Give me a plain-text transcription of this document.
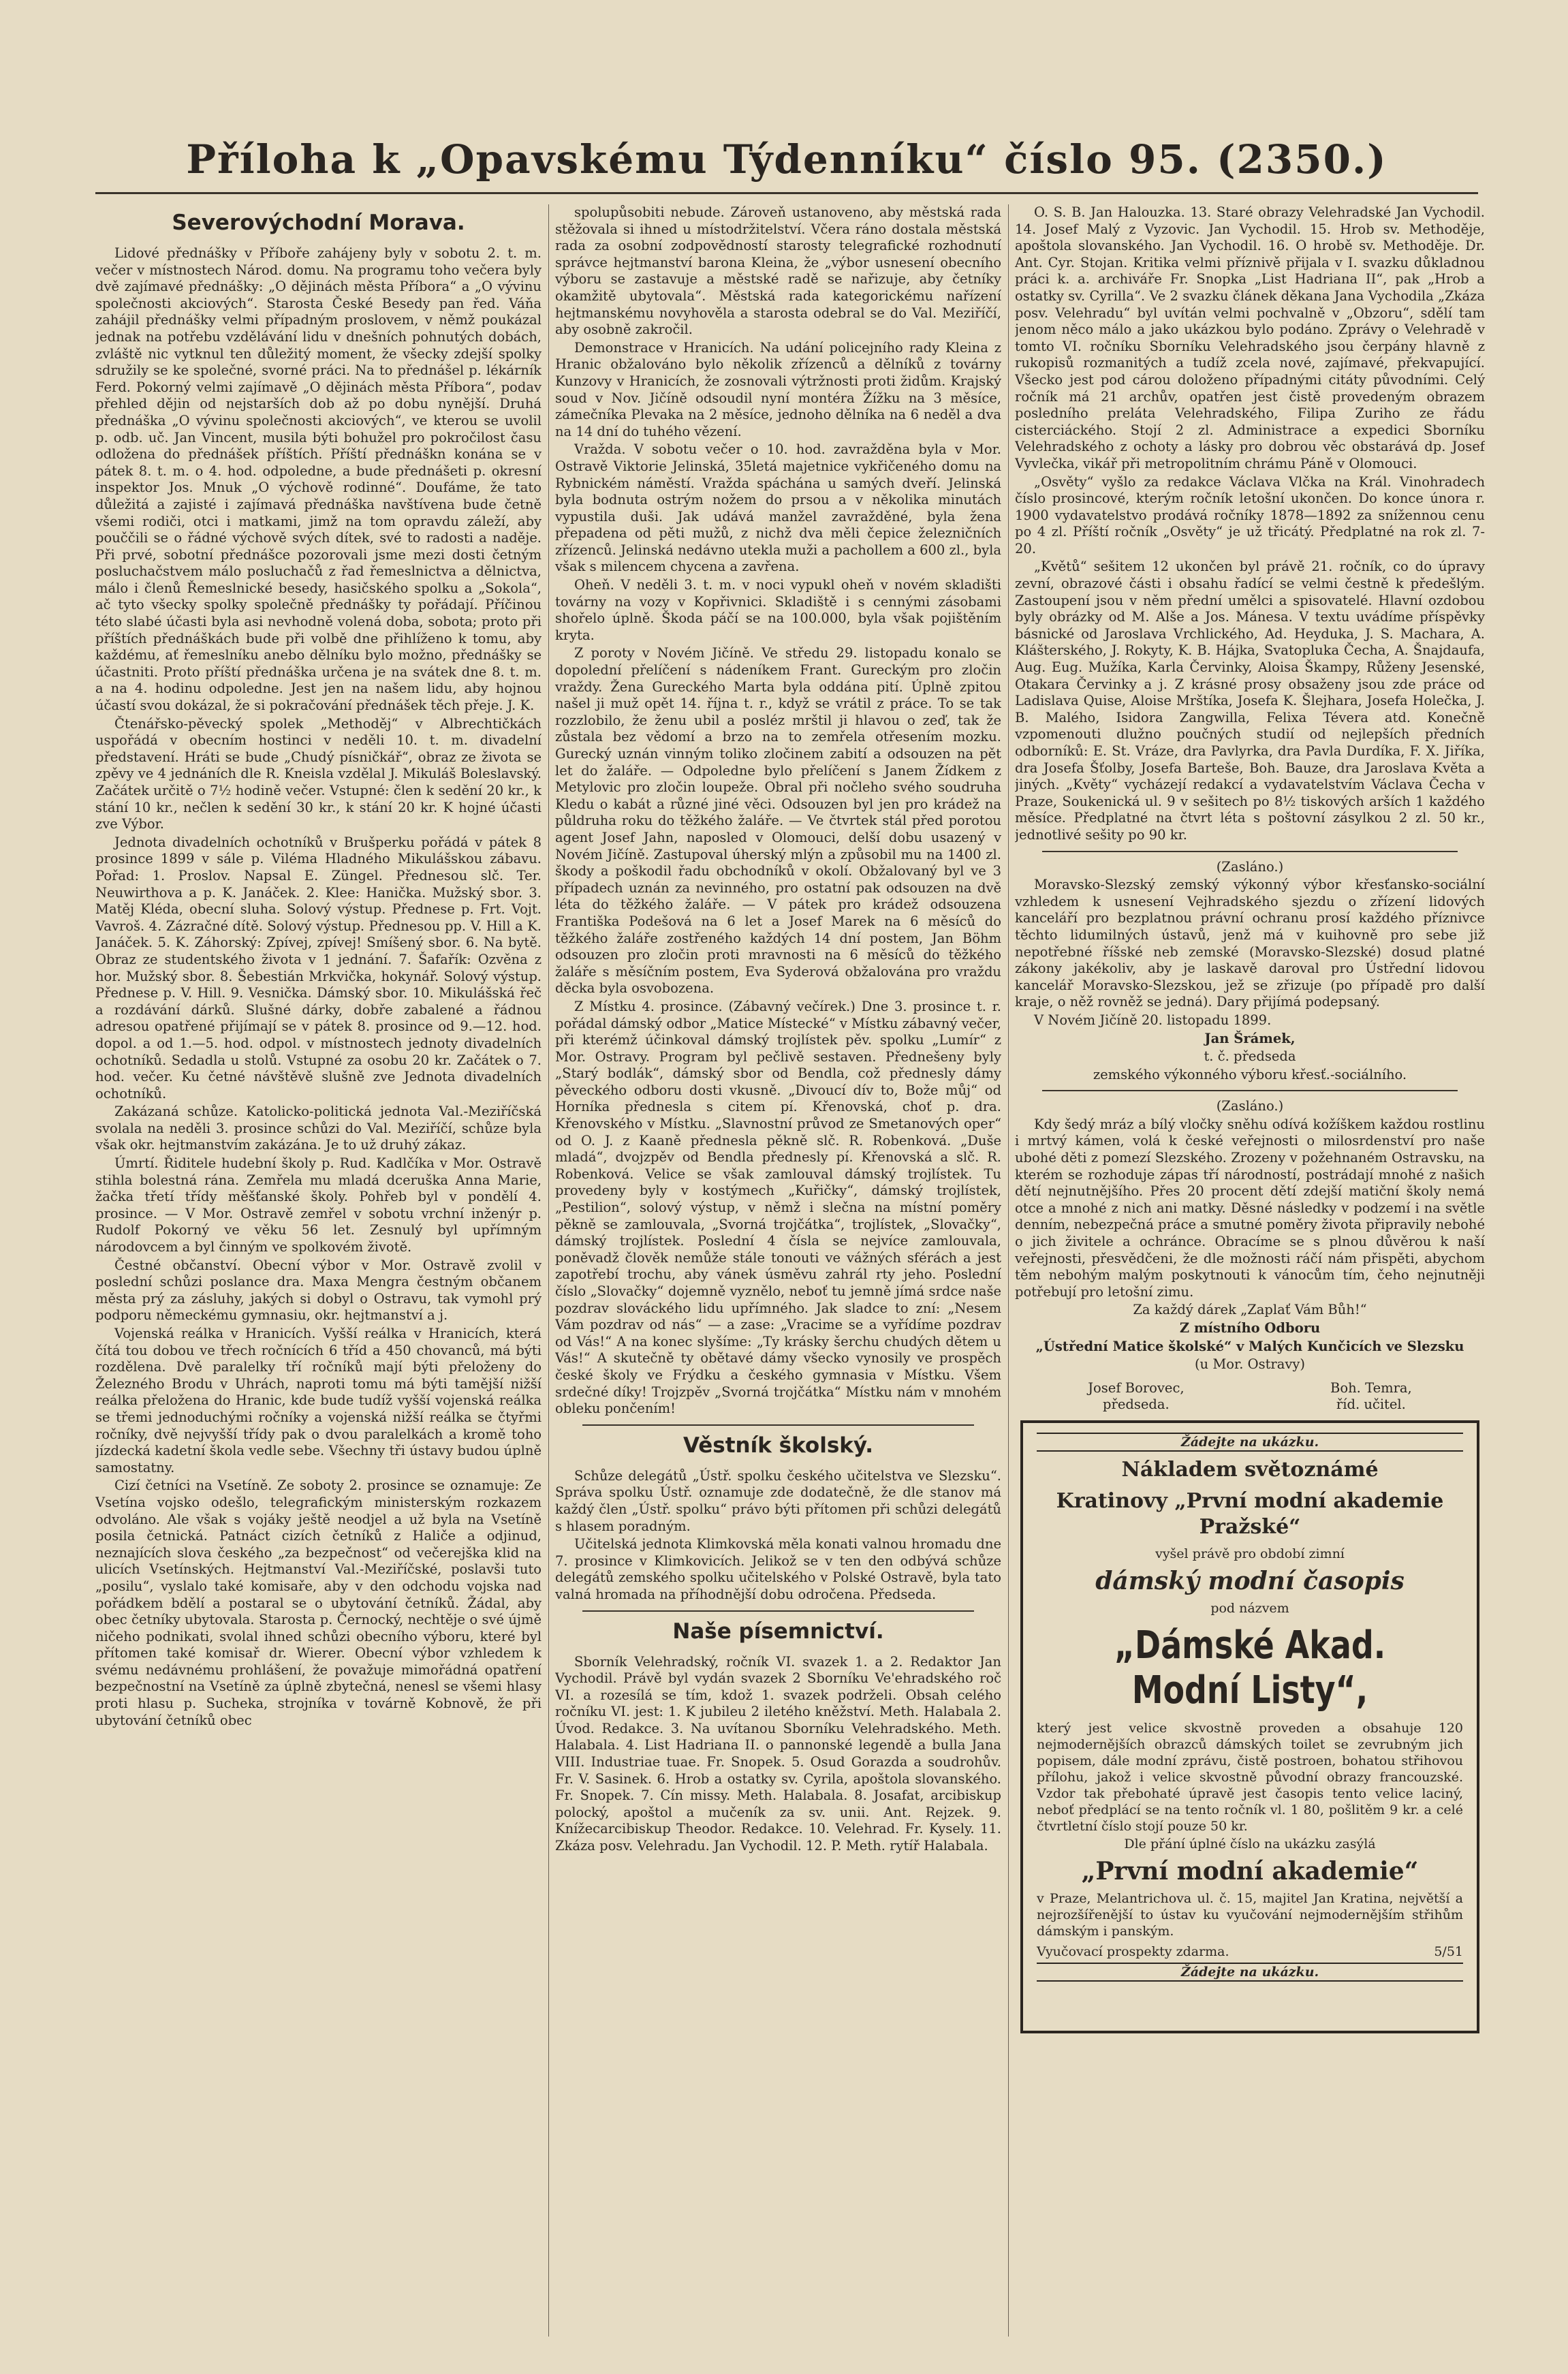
Příloha k „Opavskému Týdenníku“ číslo 95. (2350.)
Severovýchodní Morava.

Lidové přednášky v Příboře zahájeny byly v sobotu 2. t. m. večer v místnostech Národ. domu. Na programu toho večera byly dvě zajímavé přednášky: „O dějinách města Příbora“ a „O vývinu společnosti akciových“. Starosta České Besedy pan řed. Váňa zahájil přednášky velmi případným proslovem, v němž poukázal jednak na potřebu vzdělávání lidu v dnešních pohnutých dobách, zvláště nic vytknul ten důležitý moment, že všecky zdejší spolky sdružily se ke společné, svorné práci. Na to přednášel p. lékárník Ferd. Pokorný velmi zajímavě „O dějinách města Příbora“, podav přehled dějin od nejstarších dob až po dobu nynější. Druhá přednáška „O vývinu společnosti akciových“, ve kterou se uvolil p. odb. uč. Jan Vincent, musila býti bohužel pro pokročilost času odložena do přednášek příštích. Příští přednáškn konána se v pátek 8. t. m. o 4. hod. odpoledne, a bude přednášeti p. okresní inspektor Jos. Mnuk „O výchově rodinné“. Doufáme, že tato důležitá a zajisté i zajímavá přednáška navštívena bude četně všemi rodiči, otci i matkami, jimž na tom opravdu záleží, aby pouččili se o řádné výchově svých dítek, své to radosti a naděje. Při prvé, sobotní přednášce pozorovali jsme mezi dosti četným posluchačstvem málo posluchačů z řad řemeslnictva a dělnictva, málo i členů Řemeslnické besedy, hasičského spolku a „Sokola“, ač tyto všecky spolky společně přednášky ty pořádají. Příčinou této slabé účasti byla asi nevhodně volená doba, sobota; proto při příštích přednáškách bude při volbě dne přihlíženo k tomu, aby každému, ať řemeslníku anebo dělníku bylo možno, přednášky se účastniti. Proto příští přednáška určena je na svátek dne 8. t. m. a na 4. hodinu odpoledne. Jest jen na našem lidu, aby hojnou účastí svou dokázal, že si pokračování přednášek těch přeje. J. K.

Čtenářsko-pěvecký spolek „Methoděj“ v Albrechtičkách uspořádá v obecním hostinci v neděli 10. t. m. divadelní představení. Hráti se bude „Chudý písničkář“, obraz ze života se zpěvy ve 4 jednáních dle R. Kneisla vzdělal J. Mikuláš Boleslavský. Začátek určitě o 7½ hodině večer. Vstupné: člen k sedění 20 kr., k stání 10 kr., nečlen k sedění 30 kr., k stání 20 kr. K hojné účasti zve Výbor.

Jednota divadelních ochotníků v Brušperku pořádá v pátek 8 prosince 1899 v sále p. Viléma Hladného Mikulášskou zábavu. Pořad: 1. Proslov. Napsal E. Züngel. Přednesou slč. Ter. Neuwirthova a p. K. Janáček. 2. Klee: Hanička. Mužský sbor. 3. Matěj Kléda, obecní sluha. Solový výstup. Přednese p. Frt. Vojt. Vavroš. 4. Zázračné dítě. Solový výstup. Přednesou pp. V. Hill a K. Janáček. 5. K. Záhorský: Zpívej, zpívej! Smíšený sbor. 6. Na bytě. Obraz ze studentského života v 1 jednání. 7. Šafařík: Ozvěna z hor. Mužský sbor. 8. Šebestián Mrkvička, hokynář. Solový výstup. Přednese p. V. Hill. 9. Vesnička. Dámský sbor. 10. Mikulášská řeč a rozdávání dárků. Slušné dárky, dobře zabalené a řádnou adresou opatřené přijímají se v pátek 8. prosince od 9.—12. hod. dopol. a od 1.—5. hod. odpol. v místnostech jednoty divadelních ochotníků. Sedadla u stolů. Vstupné za osobu 20 kr. Začátek o 7. hod. večer. Ku četné návštěvě slušně zve Jednota divadelních ochotníků.

Zakázaná schůze. Katolicko-politická jednota Val.-Meziříčská svolala na neděli 3. prosince schůzi do Val. Meziříčí, schůze byla však okr. hejtmanstvím zakázána. Je to už druhý zákaz.

Úmrtí. Řiditele hudební školy p. Rud. Kadlčíka v Mor. Ostravě stihla bolestná rána. Zemřela mu mladá dceruška Anna Marie, žačka třetí třídy měšťanské školy. Pohřeb byl v pondělí 4. prosince. — V Mor. Ostravě zemřel v sobotu vrchní inženýr p. Rudolf Pokorný ve věku 56 let. Zesnulý byl upřímným národovcem a byl činným ve spolkovém životě.

Čestné občanství. Obecní výbor v Mor. Ostravě zvolil v poslední schůzi poslance dra. Maxa Mengra čestným občanem města prý za zásluhy, jakých si dobyl o Ostravu, tak vymohl prý podporu německému gymnasiu, okr. hejtmanství a j.

Vojenská reálka v Hranicích. Vyšší reálka v Hranicích, která čítá tou dobou ve třech ročnících 6 tříd a 450 chovanců, má býti rozdělena. Dvě paralelky tří ročníků mají býti přeloženy do Železného Brodu v Uhrách, naproti tomu má býti tamější nižší reálka přeložena do Hranic, kde bude tudíž vyšší vojenská reálka se třemi jednoduchými ročníky a vojenská nižší reálka se čtyřmi ročníky, dvě nejvyšší třídy pak o dvou paralelkách a kromě toho jízdecká kadetní škola vedle sebe. Všechny tři ústavy budou úplně samostatny.

Cizí četníci na Vsetíně. Ze soboty 2. prosince se oznamuje: Ze Vsetína vojsko odešlo, telegrafickým ministerským rozkazem odvoláno. Ale však s vojáky ještě neodjel a už byla na Vsetíně posila četnická. Patnáct cizích četníků z Haliče a odjinud, neznajících slova českého „za bezpečnost“ od večerejška klid na ulicích Vsetínských. Hejtmanství Val.-Meziříčské, poslavši tuto „posilu“, vyslalo také komisaře, aby v den odchodu vojska nad pořádkem bdělí a postaral se o ubytování četníků. Žádal, aby obec četníky ubytovala. Starosta p. Černocký, nechtěje o své újmě ničeho podnikati, svolal ihned schůzi obecního výboru, které byl přítomen také komisař dr. Wierer. Obecní výbor vzhledem k svému nedávnému prohlášení, že považuje mimořádná opatření bezpečnostní na Vsetíně za úplně zbytečná, nenesl se všemi hlasy proti hlasu p. Sucheka, strojníka v továrně Kobnově, že při ubytování četníků obec

spolupůsobiti nebude. Zároveň ustanoveno, aby městská rada stěžovala si ihned u místodržitelství. Včera ráno dostala městská rada za osobní zodpovědností starosty telegrafické rozhodnutí správce hejtmanství barona Kleina, že „výbor usnesení obecního výboru se zastavuje a městské radě se nařizuje, aby četníky okamžitě ubytovala“. Městská rada kategorickému nařízení hejtmanskému novyhověla a starosta odebral se do Val. Meziříčí, aby osobně zakročil.

Demonstrace v Hranicích. Na udání policejního rady Kleina z Hranic obžalováno bylo několik zřízenců a dělníků z továrny Kunzovy v Hranicích, že zosnovali výtržnosti proti židům. Krajský soud v Nov. Jičíně odsoudil nyní montéra Žížku na 3 měsíce, zámečníka Plevaka na 2 měsíce, jednoho dělníka na 6 neděl a dva na 14 dní do tuhého vězení.

Vražda. V sobotu večer o 10. hod. zavražděna byla v Mor. Ostravě Viktorie Jelinská, 35letá majetnice vykřičeného domu na Rybnickém náměstí. Vražda spáchána u samých dveří. Jelinská byla bodnuta ostrým nožem do prsou a v několika minutách vypustila duši. Jak udává manžel zavražděné, byla žena přepadena od pěti mužů, z nichž dva měli čepice železničních zřízenců. Jelinská nedávno utekla muži a pachollem a 600 zl., byla však s milencem chycena a zavřena.

Oheň. V neděli 3. t. m. v noci vypukl oheň v novém skladišti továrny na vozy v Kopřivnici. Skladiště i s cennými zásobami shořelo úplně. Škoda páčí se na 100.000, byla však pojištěním kryta.

Z poroty v Novém Jičíně. Ve středu 29. listopadu konalo se dopolední přelíčení s nádeníkem Frant. Gureckým pro zločin vraždy. Žena Gureckého Marta byla oddána pití. Úplně zpitou našel ji muž opět 14. října t. r., když se vrátil z práce. To se tak rozzlobilo, že ženu ubil a posléz mrštil ji hlavou o zeď, tak že zůstala bez vědomí a brzo na to zemřela otřesením mozku. Gurecký uznán vinným toliko zločinem zabití a odsouzen na pět let do žaláře. — Odpoledne bylo přelíčení s Janem Žídkem z Metylovic pro zločin loupeže. Obral při nočleho svého soudruha Kledu o kabát a různé jiné věci. Odsouzen byl jen pro krádež na půldruha roku do těžkého žaláře. — Ve čtvrtek stál před porotou agent Josef Jahn, naposled v Olomouci, delší dobu usazený v Novém Jičíně. Zastupoval úherský mlýn a způsobil mu na 1400 zl. škody a poškodil řadu obchodníků v okolí. Obžalovaný byl ve 3 případech uznán za nevinného, pro ostatní pak odsouzen na dvě léta do těžkého žaláře. — V pátek pro krádež odsouzena Františka Podešová na 6 let a Josef Marek na 6 měsíců do těžkého žaláře zostřeného každých 14 dní postem, Jan Böhm odsouzen pro zločin proti mravnosti na 6 měsíců do těžkého žaláře s měsíčním postem, Eva Syderová obžalována pro vraždu děcka byla osvobozena.

Z Místku 4. prosince. (Zábavný večírek.) Dne 3. prosince t. r. pořádal dámský odbor „Matice Místecké“ v Místku zábavný večer, při kterémž účinkoval dámský trojlístek pěv. spolku „Lumír“ z Mor. Ostravy. Program byl pečlivě sestaven. Přednešeny byly „Starý bodlák“, dámský sbor od Bendla, což přednesly dámy pěveckého odboru dosti vkusně. „Divoucí dív to, Bože můj“ od Horníka přednesla s citem pí. Křenovská, choť p. dra. Křenovského v Místku. „Slavnostní průvod ze Smetanových oper“ od O. J. z Kaaně přednesla pěkně slč. R. Robenková. „Duše mladá“, dvojzpěv od Bendla přednesly pí. Křenovská a slč. R. Robenková. Velice se však zamlouval dámský trojlístek. Tu provedeny byly v kostýmech „Kuřičky“, dámský trojlístek, „Pestilion“, solový výstup, v němž i slečna na místní poměry pěkně se zamlouvala, „Svorná trojčátka“, trojlístek, „Slovačky“, dámský trojlístek. Poslední 4 čísla se nejvíce zamlouvala, poněvadž člověk nemůže stále tonouti ve vážných sférách a jest zapotřebí trochu, aby vánek úsměvu zahrál rty jeho. Poslední číslo „Slovačky“ dojemně vyznělo, neboť tu jemně jímá srdce naše pozdrav slováckého lidu upřímného. Jak sladce to zní: „Nesem Vám pozdrav od nás“ — a zase: „Vracime se a vyřídíme pozdrav od Vás!“ A na konec slyšíme: „Ty krásky šerchu chudých dětem u Vás!“ A skutečně ty obětavé dámy všecko vynosily ve prospěch české školy ve Frýdku a českého gymnasia v Místku. Všem srdečné díky! Trojzpěv „Svorná trojčátka“ Místku nám v mnohém obleku pončením!

Věstník školský.

Schůze delegátů „Ústř. spolku českého učitelstva ve Slezsku“. Správa spolku Ústř. oznamuje zde dodatečně, že dle stanov má každý člen „Ústř. spolku“ právo býti přítomen při schůzi delegátů s hlasem poradným.

Učitelská jednota Klimkovská měla konati valnou hromadu dne 7. prosince v Klimkovicích. Jelikož se v ten den odbývá schůze delegátů zemského spolku učitelského v Polské Ostravě, byla tato valná hromada na příhodnější dobu odročena. Předseda.

Naše písemnictví.

Sborník Velehradský, ročník VI. svazek 1. a 2. Redaktor Jan Vychodil. Právě byl vydán svazek 2 Sborníku Ve'ehradského roč VI. a rozesílá se tím, kdož 1. svazek podrželi. Obsah celého ročníku VI. jest: 1. K jubileu 2 iletého kněžství. Meth. Halabala 2. Úvod. Redakce. 3. Na uvítanou Sborníku Velehradského. Meth. Halabala. 4. List Hadriana II. o pannonské legendě a bulla Jana VIII. Industriae tuae. Fr. Snopek. 5. Osud Gorazda a soudrohův. Fr. V. Sasinek. 6. Hrob a ostatky sv. Cyrila, apoštola slovanského. Fr. Snopek. 7. Cín missy. Meth. Halabala. 8. Josafat, arcibiskup polocký, apoštol a mučeník za sv. unii. Ant. Rejzek. 9. Knížecarcibiskup Theodor. Redakce. 10. Velehrad. Fr. Kysely. 11. Zkáza posv. Velehradu. Jan Vychodil. 12. P. Meth. rytíř Halabala.

O. S. B. Jan Halouzka. 13. Staré obrazy Velehradské Jan Vychodil. 14. Josef Malý z Vyzovic. Jan Vychodil. 15. Hrob sv. Methoděje, apoštola slovanského. Jan Vychodil. 16. O hrobě sv. Methoděje. Dr. Ant. Cyr. Stojan. Kritika velmi příznivě přijala v I. svazku důkladnou práci k. a. archiváře Fr. Snopka „List Hadriana II“, pak „Hrob a ostatky sv. Cyrilla“. Ve 2 svazku článek děkana Jana Vychodila „Zkáza posv. Velehradu“ byl uvítán velmi pochvalně v „Obzoru“, sdělí tam jenom něco málo a jako ukázkou bylo podáno. Zprávy o Velehradě v tomto VI. ročníku Sborníku Velehradského jsou čerpány hlavně z rukopisů rozmanitých a tudíž zcela nové, zajímavé, překvapující. Všecko jest pod cárou doloženo případnými citáty původními. Celý ročník má 21 archův, opatřen jest čistě provedeným obrazem posledního preláta Velehradského, Filipa Zuriho ze řádu cisterciáckého. Stojí 2 zl. Administrace a expedici Sborníku Velehradského z ochoty a lásky pro dobrou věc obstarává dp. Josef Vyvlečka, vikář při metropolitním chrámu Páně v Olomouci.

„Osvěty“ vyšlo za redakce Václava Vlčka na Král. Vinohradech číslo prosincové, kterým ročník letošní ukončen. Do konce února r. 1900 vydavatelstvo prodává ročníky 1878—1892 za snížennou cenu po 4 zl. Příští ročník „Osvěty“ je už třicátý. Předplatné na rok zl. 7-20.

„Květů“ sešitem 12 ukončen byl právě 21. ročník, co do úpravy zevní, obrazové části i obsahu řadící se velmi čestně k předešlým. Zastoupení jsou v něm přední umělci a spisovatelé. Hlavní ozdobou byly obrázky od M. Alše a Jos. Mánesa. V textu uvádíme příspěvky básnické od Jaroslava Vrchlického, Ad. Heyduka, J. S. Machara, A. Klášterského, J. Rokyty, K. B. Hájka, Svatopluka Čecha, A. Šnajdaufa, Aug. Eug. Mužíka, Karla Červinky, Aloisa Škampy, Růženy Jesenské, Otakara Červinky a j. Z krásné prosy obsaženy jsou zde práce od Ladislava Quise, Aloise Mrštíka, Josefa K. Šlejhara, Josefa Holečka, J. B. Malého, Isidora Zangwilla, Felixa Tévera atd. Konečně vzpomenouti dlužno poučných studií od nejlepších předních odborníků: E. St. Vráze, dra Pavlyrka, dra Pavla Durdíka, F. X. Jiříka, dra Josefa Šťolby, Josefa Barteše, Boh. Bauze, dra Jaroslava Květa a jiných. „Květy“ vycházejí redakcí a vydavatelstvím Václava Čecha v Praze, Soukenická ul. 9 v sešitech po 8½ tiskových arších 1 každého měsíce. Předplatné na čtvrt léta s poštovní zásylkou 2 zl. 50 kr., jednotlivé sešity po 90 kr.

(Zasláno.)

Moravsko-Slezský zemský výkonný výbor křesťansko-sociální vzhledem k usnesení Vejhradského sjezdu o zřízení lidových kanceláří pro bezplatnou právní ochranu prosí každého příznivce těchto lidumilných ústavů, jenž má v kuihovně pro sebe již nepotřebné říšské neb zemské (Moravsko-Slezské) dosud platné zákony jakékoliv, aby je laskavě daroval pro Ústřední lidovou kancelář Moravsko-Slezskou, jež se zřizuje (po případě pro další kraje, o něž rovněž se jedná). Dary přijímá podepsaný.

V Novém Jičíně 20. listopadu 1899.

Jan Šrámek,

t. č. předseda

zemského výkonného výboru křesť.-sociálního.

(Zasláno.)

Kdy šedý mráz a bílý vločky sněhu odívá kožíškem každou rostlinu i mrtvý kámen, volá k české veřejnosti o milosrdenství pro naše ubohé děti z pomezí Slezského. Zrozeny v požehnaném Ostravsku, na kterém se rozhoduje zápas tří národností, postrádají mnohé z našich dětí nejnutnějšího. Přes 20 procent dětí zdejší matiční školy nemá otce a mnohé z nich ani matky. Děsné následky v podzemí i na světle denním, nebezpečná práce a smutné poměry života připravily nebohé o jich živitele a ochránce. Obracíme se s plnou důvěrou k naší veřejnosti, přesvědčeni, že dle možnosti ráčí nám přispěti, abychom těm nebohým malým poskytnouti k vánocům tím, čeho nejnutněji potřebují pro letošní zimu.

Za každý dárek „Zaplať Vám Bůh!“

Z místního Odboru

„Ústřední Matice školské“ v Malých Kunčicích ve Slezsku

(u Mor. Ostravy)

Josef Borovec,
předseda.
Boh. Temra,
říd. učitel.
Žádejte na ukázku.
Nákladem světoznámé
Kratinovy „První modní akademie Pražské“
vyšel právě pro období zimní
dámský modní časopis
pod názvem
„Dámské Akad. Modní Listy“,

který jest velice skvostně proveden a obsahuje 120 nejmodernějších obrazců dámských toilet se zevrubným jich popisem, dále modní zprávu, čistě postroen, bohatou střihovou přílohu, jakož i velice skvostně původní obrazy francouzské. Vzdor tak přebohaté úpravě jest časopis tento velice laciný, neboť předplácí se na tento ročník vl. 1 80, pošlitěm 9 kr. a celé čtvrtletní číslo stojí pouze 50 kr.

Dle přání úplné číslo na ukázku zasýlá

„První modní akademie“

v Praze, Melantrichova ul. č. 15, majitel Jan Kratina, největší a nejrozšířenější to ústav ku vyučování nejmodernějším střihům dámským i panským.

Vyučovací prospekty zdarma.	5/51
Žádejte na ukázku.
